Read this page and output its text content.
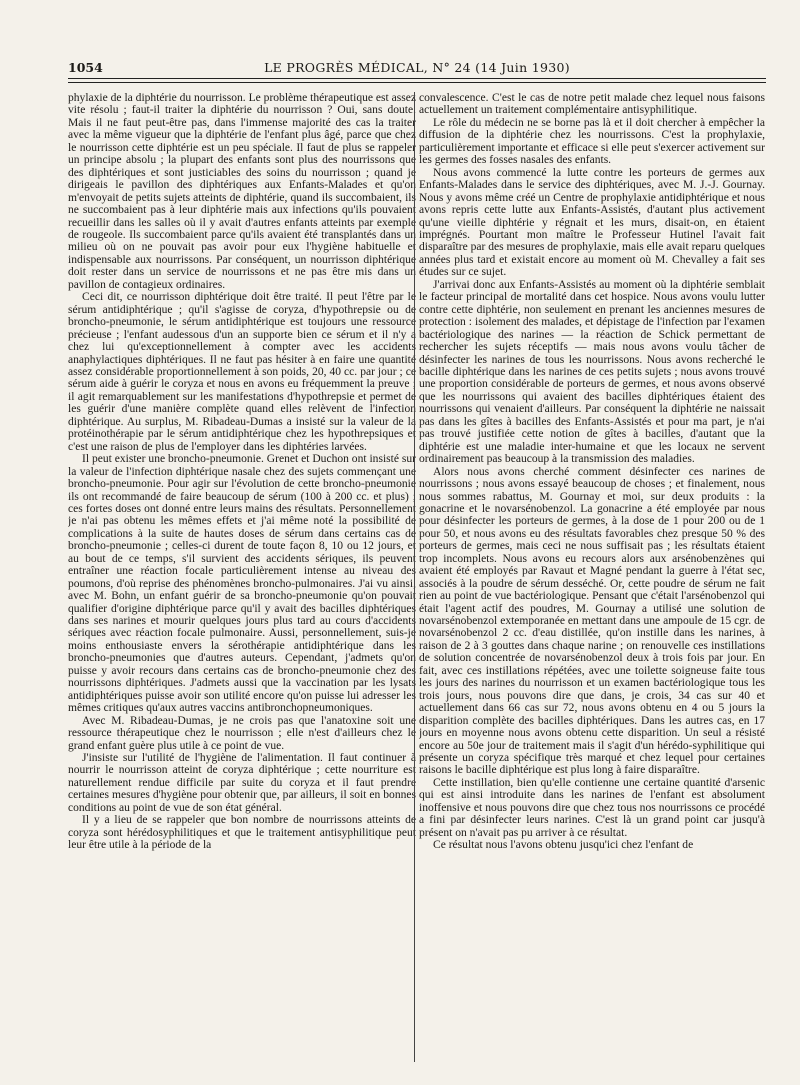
1054	LE PROGRÈS MÉDICAL, N° 24 (14 Juin 1930)

phylaxie de la diphtérie du nourrisson. Le problème thérapeutique est assez vite résolu ; faut-il traiter la diphtérie du nourrisson ? Oui, sans doute. Mais il ne faut peut-être pas, dans l'immense majorité des cas la traiter avec la même vigueur que la diphtérie de l'enfant plus âgé, parce que chez le nourrisson cette diphtérie est un peu spéciale. Il faut de plus se rappeler un principe absolu ; la plupart des enfants sont plus des nourrissons que des diphtériques et sont justiciables des soins du nourrisson ; quand je dirigeais le pavillon des diphtériques aux Enfants-Malades et qu'on m'envoyait de petits sujets atteints de diphtérie, quand ils succombaient, ils ne succombaient pas à leur diphtérie mais aux infections qu'ils pouvaient recueillir dans les salles où il y avait d'autres enfants atteints par exemple de rougeole. Ils succombaient parce qu'ils avaient été transplantés dans un milieu où on ne pouvait pas avoir pour eux l'hygiène habituelle et indispensable aux nourrissons. Par conséquent, un nourrisson diphtérique doit rester dans un service de nourrissons et ne pas être mis dans un pavillon de contagieux ordinaires.

Ceci dit, ce nourrisson diphtérique doit être traité. Il peut l'être par le sérum antidiphtérique ; qu'il s'agisse de coryza, d'hypothrepsie ou de broncho-pneumonie, le sérum antidiphtérique est toujours une ressource précieuse ; l'enfant audessous d'un an supporte bien ce sérum et il n'y a chez lui qu'exceptionnellement à compter avec les accidents anaphylactiques diphtériques. Il ne faut pas hésiter à en faire une quantité assez considérable proportionnellement à son poids, 20, 40 cc. par jour ; ce sérum aide à guérir le coryza et nous en avons eu fréquemment la preuve ; il agit remarquablement sur les manifestations d'hypothrepsie et permet de les guérir d'une manière complète quand elles relèvent de l'infection diphtérique. Au surplus, M. Ribadeau-Dumas a insisté sur la valeur de la protéinothérapie par le sérum antidiphtérique chez les hypothrepsiques et c'est une raison de plus de l'employer dans les diphtéries larvées.

Il peut exister une broncho-pneumonie. Grenet et Duchon ont insisté sur la valeur de l'infection diphtérique nasale chez des sujets commençant une broncho-pneumonie. Pour agir sur l'évolution de cette broncho-pneumonie ils ont recommandé de faire beaucoup de sérum (100 à 200 cc. et plus) ; ces fortes doses ont donné entre leurs mains des résultats. Personnellement je n'ai pas obtenu les mêmes effets et j'ai même noté la possibilité de complications à la suite de hautes doses de sérum dans certains cas de broncho-pneumonie ; celles-ci durent de toute façon 8, 10 ou 12 jours, et au bout de ce temps, s'il survient des accidents sériques, ils peuvent entraîner une réaction focale particulièrement intense au niveau des poumons, d'où reprise des phénomènes broncho-pulmonaires. J'ai vu ainsi, avec M. Bohn, un enfant guérir de sa broncho-pneumonie qu'on pouvait qualifier d'origine diphtérique parce qu'il y avait des bacilles diphtériques dans ses narines et mourir quelques jours plus tard au cours d'accidents sériques avec réaction focale pulmonaire. Aussi, personnellement, suis-je moins enthousiaste envers la sérothérapie antidiphtérique dans les broncho-pneumonies que d'autres auteurs. Cependant, j'admets qu'on puisse y avoir recours dans certains cas de broncho-pneumonie chez des nourrissons diphtériques. J'admets aussi que la vaccination par les lysats antidiphtériques puisse avoir son utilité encore qu'on puisse lui adresser les mêmes critiques qu'aux autres vaccins antibronchopneumoniques.

Avec M. Ribadeau-Dumas, je ne crois pas que l'anatoxine soit une ressource thérapeutique chez le nourrisson ; elle n'est d'ailleurs chez le grand enfant guère plus utile à ce point de vue.

J'insiste sur l'utilité de l'hygiène de l'alimentation. Il faut continuer à nourrir le nourrisson atteint de coryza diphtérique ; cette nourriture est naturellement rendue difficile par suite du coryza et il faut prendre certaines mesures d'hygiène pour obtenir que, par ailleurs, il soit en bonnes conditions au point de vue de son état général.

Il y a lieu de se rappeler que bon nombre de nourrissons atteints de coryza sont hérédosyphilitiques et que le traitement antisyphilitique peut leur être utile à la période de la

convalescence. C'est le cas de notre petit malade chez lequel nous faisons actuellement un traitement complémentaire antisyphilitique.

Le rôle du médecin ne se borne pas là et il doit chercher à empêcher la diffusion de la diphtérie chez les nourrissons. C'est la prophylaxie, particulièrement importante et efficace si elle peut s'exercer activement sur les germes des fosses nasales des enfants.

Nous avons commencé la lutte contre les porteurs de germes aux Enfants-Malades dans le service des diphtériques, avec M. J.-J. Gournay. Nous y avons même créé un Centre de prophylaxie antidiphtérique et nous avons repris cette lutte aux Enfants-Assistés, d'autant plus activement qu'une vieille diphtérie y régnait et les murs, disait-on, en étaient imprégnés. Pourtant mon maître le Professeur Hutinel l'avait fait disparaître par des mesures de prophylaxie, mais elle avait reparu quelques années plus tard et existait encore au moment où M. Chevalley a fait ses études sur ce sujet.

J'arrivai donc aux Enfants-Assistés au moment où la diphtérie semblait le facteur principal de mortalité dans cet hospice. Nous avons voulu lutter contre cette diphtérie, non seulement en prenant les anciennes mesures de protection : isolement des malades, et dépistage de l'infection par l'examen bactériologique des narines — la réaction de Schick permettant de rechercher les sujets réceptifs — mais nous avons voulu tâcher de désinfecter les narines de tous les nourrissons. Nous avons recherché le bacille diphtérique dans les narines de ces petits sujets ; nous avons trouvé une proportion considérable de porteurs de germes, et nous avons observé que les nourrissons qui avaient des bacilles diphtériques étaient des nourrissons qui venaient d'ailleurs. Par conséquent la diphtérie ne naissait pas dans les gîtes à bacilles des Enfants-Assistés et pour ma part, je n'ai pas trouvé justifiée cette notion de gîtes à bacilles, d'autant que la diphtérie est une maladie inter-humaine et que les locaux ne servent ordinairement pas beaucoup à la transmission des maladies.

Alors nous avons cherché comment désinfecter ces narines de nourrissons ; nous avons essayé beaucoup de choses ; et finalement, nous nous sommes rabattus, M. Gournay et moi, sur deux produits : la gonacrine et le novarsénobenzol. La gonacrine a été employée par nous pour désinfecter les porteurs de germes, à la dose de 1 pour 200 ou de 1 pour 50, et nous avons eu des résultats favorables chez presque 50 % des porteurs de germes, mais ceci ne nous suffisait pas ; les résultats étaient trop incomplets. Nous avons eu recours alors aux arsénobenzènes qui avaient été employés par Ravaut et Magné pendant la guerre à l'état sec, associés à la poudre de sérum desséché. Or, cette poudre de sérum ne fait rien au point de vue bactériologique. Pensant que c'était l'arsénobenzol qui était l'agent actif des poudres, M. Gournay a utilisé une solution de novarsénobenzol extemporanée en mettant dans une ampoule de 15 cgr. de novarsénobenzol 2 cc. d'eau distillée, qu'on instille dans les narines, à raison de 2 à 3 gouttes dans chaque narine ; on renouvelle ces instillations de solution concentrée de novarsénobenzol deux à trois fois par jour. En fait, avec ces instillations répétées, avec une toilette soigneuse faite tous les jours des narines du nourrisson et un examen bactériologique tous les trois jours, nous pouvons dire que dans, je crois, 34 cas sur 40 et actuellement dans 66 cas sur 72, nous avons obtenu en 4 ou 5 jours la disparition complète des bacilles diphtériques. Dans les autres cas, en 17 jours en moyenne nous avons obtenu cette disparition. Un seul a résisté encore au 50e jour de traitement mais il s'agit d'un hérédo-syphilitique qui présente un coryza spécifique très marqué et chez lequel pour certaines raisons le bacille diphtérique est plus long à faire disparaître.

Cette instillation, bien qu'elle contienne une certaine quantité d'arsenic qui est ainsi introduite dans les narines de l'enfant est absolument inoffensive et nous pouvons dire que chez tous nos nourrissons ce procédé a fini par désinfecter leurs narines. C'est là un grand point car jusqu'à présent on n'avait pas pu arriver à ce résultat.

Ce résultat nous l'avons obtenu jusqu'ici chez l'enfant de
